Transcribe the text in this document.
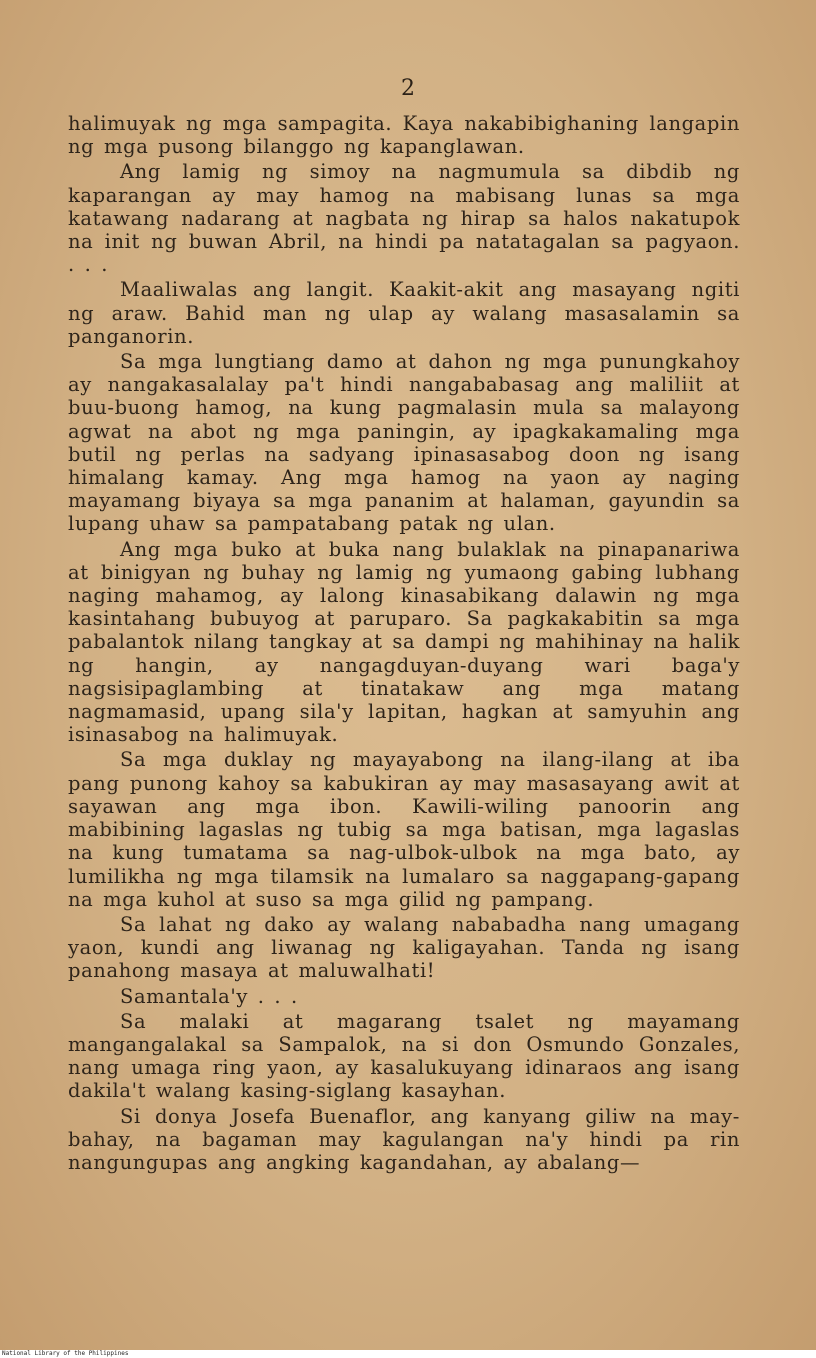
2

halimuyak ng mga sampagita. Kaya nakabibighaning langapin ng mga pusong bilanggo ng kapanglawan.

Ang lamig ng simoy na nagmumula sa dibdib ng kaparangan ay may hamog na mabisang lunas sa mga katawang nadarang at nagbata ng hirap sa halos nakatupok na init ng buwan Abril, na hindi pa natatagalan sa pagyaon. . . .

Maaliwalas ang langit. Kaakit-akit ang masayang ngiti ng araw. Bahid man ng ulap ay walang masasalamin sa panganorin.

Sa mga lungtiang damo at dahon ng mga punungkahoy ay nangakasalalay pa't hindi nangababasag ang maliliit at buu-buong hamog, na kung pagmalasin mula sa malayong agwat na abot ng mga paningin, ay ipagkakamaling mga butil ng perlas na sadyang ipinasasabog doon ng isang himalang kamay. Ang mga hamog na yaon ay naging mayamang biyaya sa mga pananim at halaman, gayundin sa lupang uhaw sa pampatabang patak ng ulan.

Ang mga buko at buka nang bulaklak na pinapanariwa at binigyan ng buhay ng lamig ng yumaong gabing lubhang naging mahamog, ay lalong kinasabikang dalawin ng mga kasintahang bubuyog at paruparo. Sa pagkakabitin sa mga pabalantok nilang tangkay at sa dampi ng mahihinay na halik ng hangin, ay nangagduyan-duyang wari baga'y nagsisipaglambing at tinatakaw ang mga matang nagmamasid, upang sila'y lapitan, hagkan at samyuhin ang isinasabog na halimuyak.

Sa mga duklay ng mayayabong na ilang-ilang at iba pang punong kahoy sa kabukiran ay may masasayang awit at sayawan ang mga ibon. Kawili-wiling panoorin ang mabibining lagaslas ng tubig sa mga batisan, mga lagaslas na kung tumatama sa nag-ulbok-ulbok na mga bato, ay lumilikha ng mga tilamsik na lumalaro sa naggapang-gapang na mga kuhol at suso sa mga gilid ng pampang.

Sa lahat ng dako ay walang nababadha nang umagang yaon, kundi ang liwanag ng kaligayahan. Tanda ng isang panahong masaya at maluwalhati!

Samantala'y . . .

Sa malaki at magarang tsalet ng mayamang mangangalakal sa Sampalok, na si don Osmundo Gonzales, nang umaga ring yaon, ay kasalukuyang idinaraos ang isang dakila't walang kasing-siglang kasayhan.

Si donya Josefa Buenaflor, ang kanyang giliw na may-bahay, na bagaman may kagulangan na'y hindi pa rin nangungupas ang angking kagandahan, ay abalang—

National Library of the Philippines
